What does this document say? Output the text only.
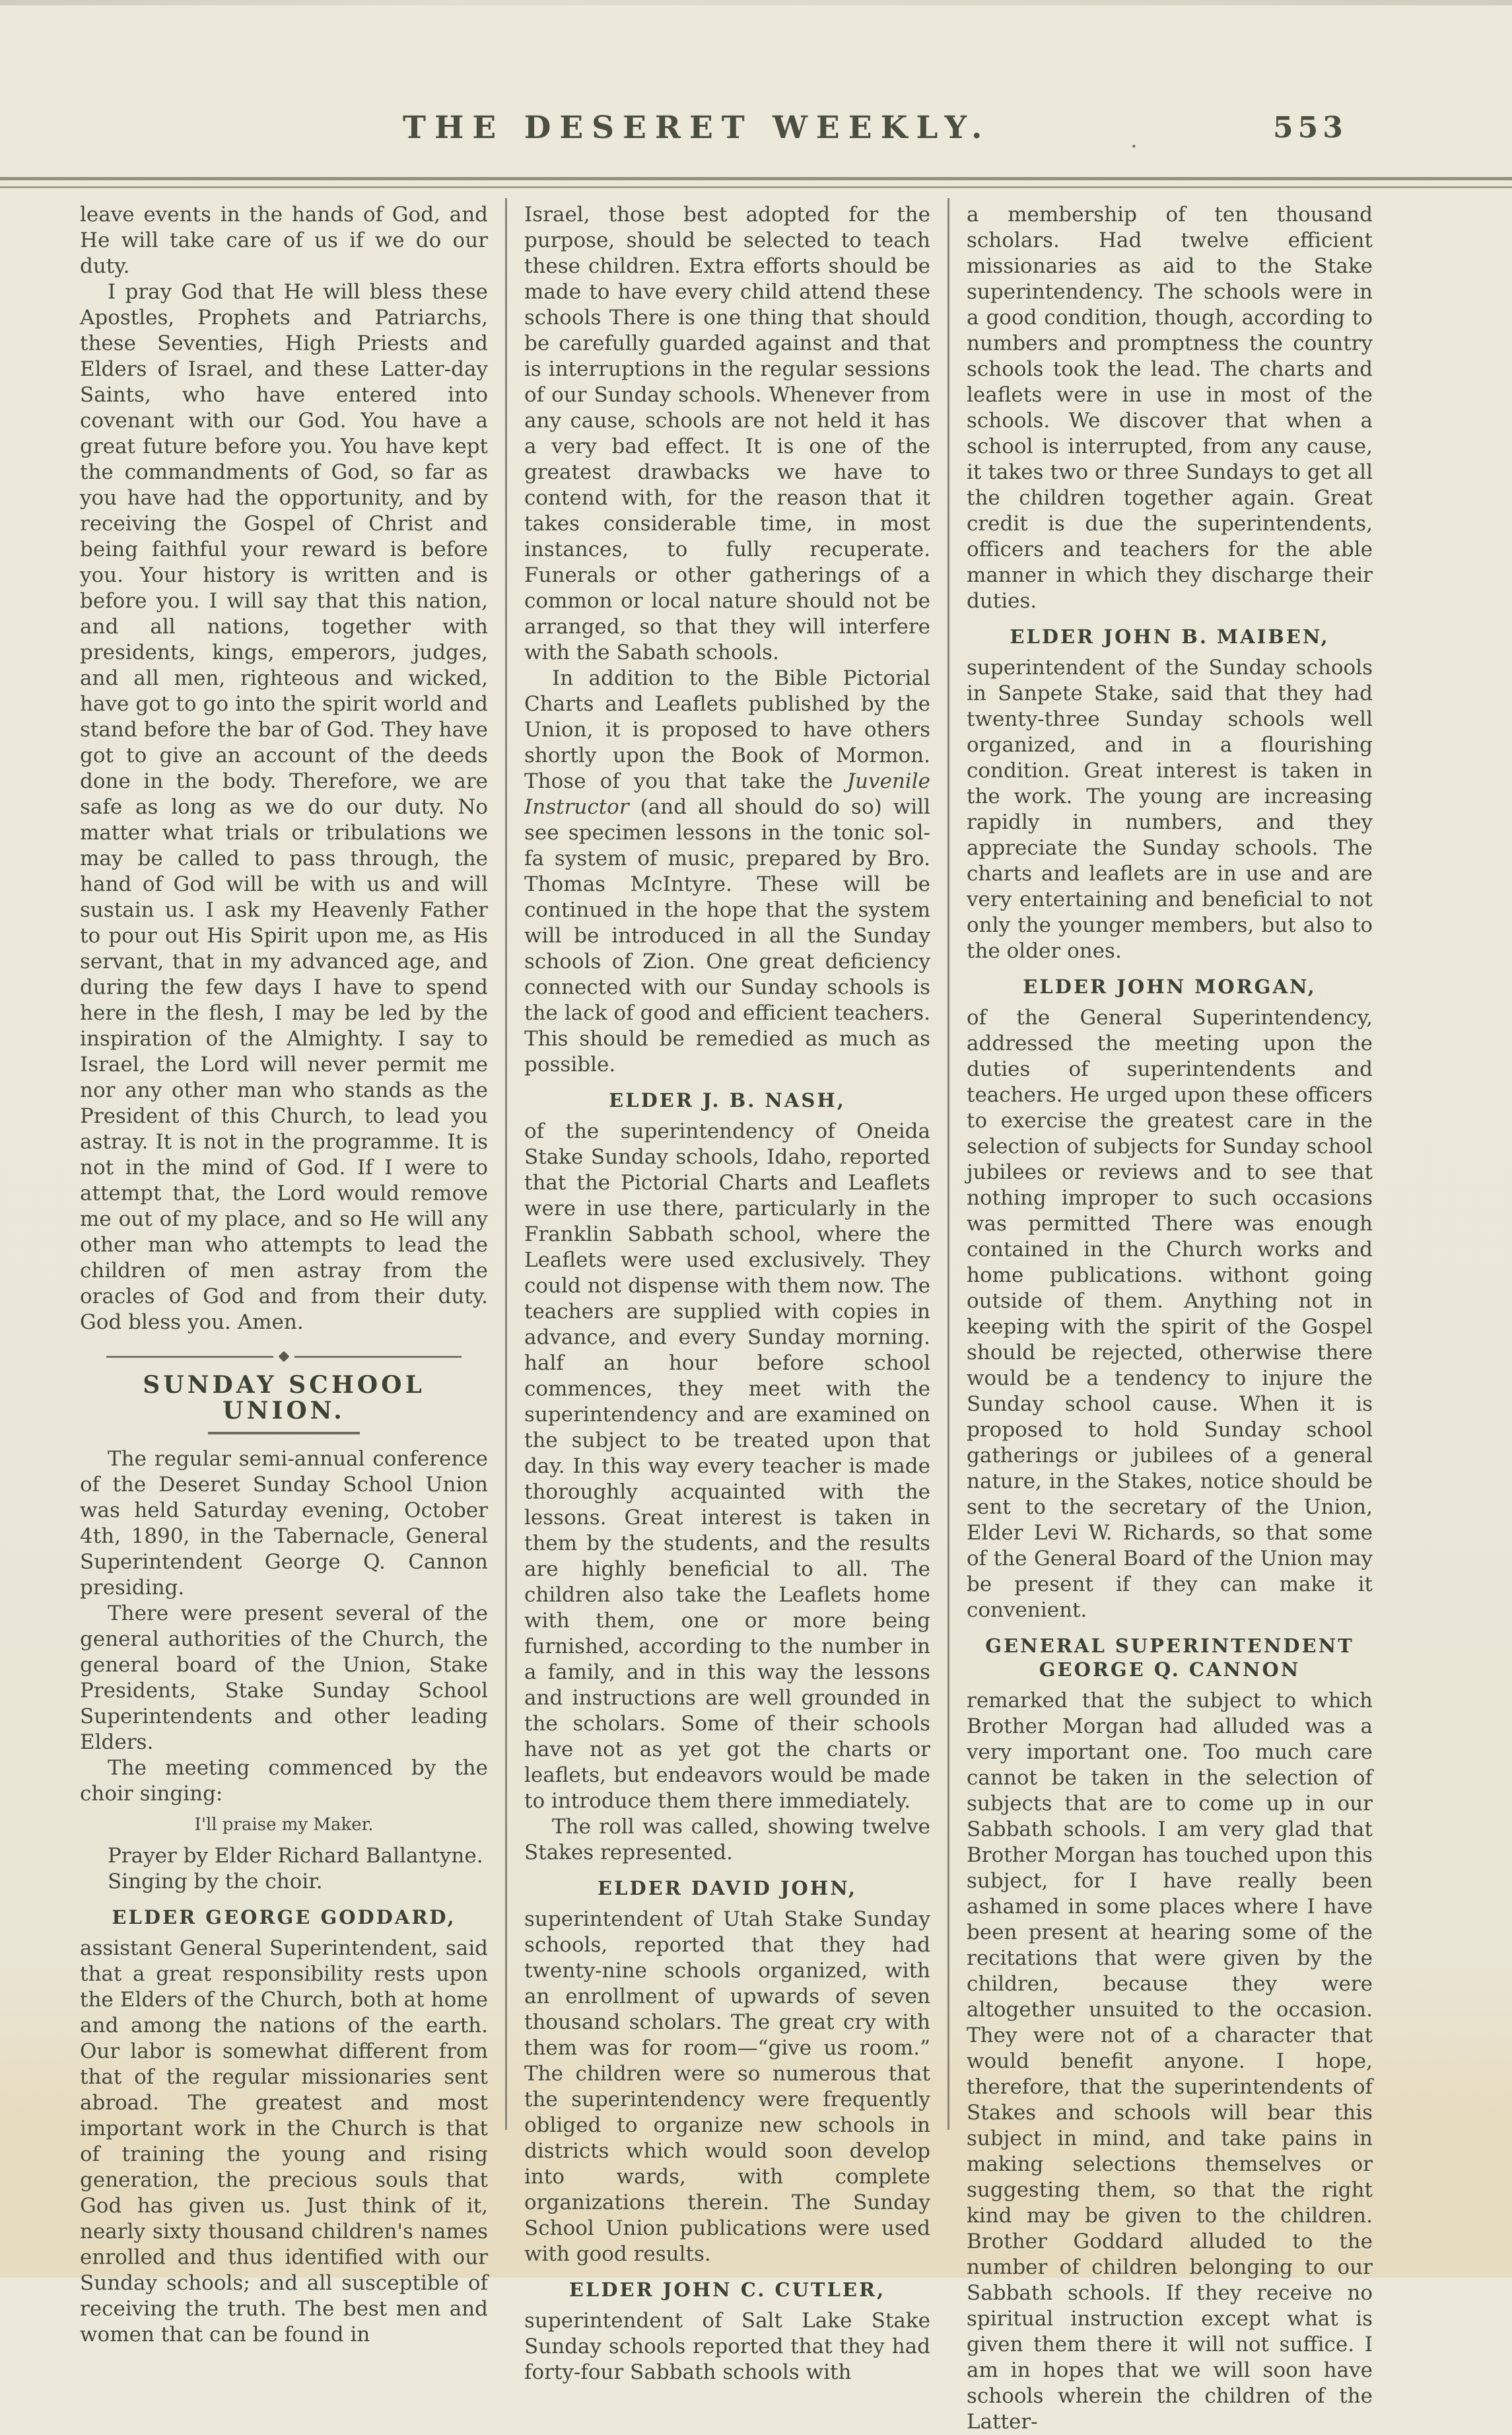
THE DESERET WEEKLY.	.	553

leave events in the hands of God, and He will take care of us if we do our duty.

I pray God that He will bless these Apostles, Prophets and Patriarchs, these Seventies, High Priests and Elders of Israel, and these Latter-day Saints, who have entered into covenant with our God. You have a great future before you. You have kept the commandments of God, so far as you have had the opportunity, and by receiving the Gospel of Christ and being faithful your reward is before you. Your history is written and is before you. I will say that this nation, and all nations, together with presidents, kings, emperors, judges, and all men, righteous and wicked, have got to go into the spirit world and stand before the bar of God. They have got to give an account of the deeds done in the body. Therefore, we are safe as long as we do our duty. No matter what trials or tribulations we may be called to pass through, the hand of God will be with us and will sustain us. I ask my Heavenly Father to pour out His Spirit upon me, as His servant, that in my advanced age, and during the few days I have to spend here in the flesh, I may be led by the inspiration of the Almighty. I say to Israel, the Lord will never permit me nor any other man who stands as the President of this Church, to lead you astray. It is not in the programme. It is not in the mind of God. If I were to attempt that, the Lord would remove me out of my place, and so He will any other man who attempts to lead the children of men astray from the oracles of God and from their duty. God bless you. Amen.

SUNDAY SCHOOL UNION.

The regular semi-annual conference of the Deseret Sunday School Union was held Saturday evening, October 4th, 1890, in the Tabernacle, General Superintendent George Q. Cannon presiding.

There were present several of the general authorities of the Church, the general board of the Union, Stake Presidents, Stake Sunday School Superintendents and other leading Elders.

The meeting commenced by the choir singing:

I'll praise my Maker.

Prayer by Elder Richard Ballantyne.

Singing by the choir.

ELDER GEORGE GODDARD,

assistant General Superintendent, said that a great responsibility rests upon the Elders of the Church, both at home and among the nations of the earth. Our labor is somewhat different from that of the regular missionaries sent abroad. The greatest and most important work in the Church is that of training the young and rising generation, the precious souls that God has given us. Just think of it, nearly sixty thousand children's names enrolled and thus identified with our Sunday schools; and all susceptible of receiving the truth. The best men and women that can be found in

Israel, those best adopted for the purpose, should be selected to teach these children. Extra efforts should be made to have every child attend these schools There is one thing that should be carefully guarded against and that is interruptions in the regular sessions of our Sunday schools. Whenever from any cause, schools are not held it has a very bad effect. It is one of the greatest drawbacks we have to contend with, for the reason that it takes considerable time, in most instances, to fully recuperate. Funerals or other gatherings of a common or local nature should not be arranged, so that they will interfere with the Sabath schools.

In addition to the Bible Pictorial Charts and Leaflets published by the Union, it is proposed to have others shortly upon the Book of Mormon. Those of you that take the Juvenile Instructor (and all should do so) will see specimen lessons in the tonic sol-fa system of music, prepared by Bro. Thomas McIntyre. These will be continued in the hope that the system will be introduced in all the Sunday schools of Zion. One great deficiency connected with our Sunday schools is the lack of good and efficient teachers. This should be remedied as much as possible.

ELDER J. B. NASH,

of the superintendency of Oneida Stake Sunday schools, Idaho, reported that the Pictorial Charts and Leaflets were in use there, particularly in the Franklin Sabbath school, where the Leaflets were used exclusively. They could not dispense with them now. The teachers are supplied with copies in advance, and every Sunday morning. half an hour before school commences, they meet with the superintendency and are examined on the subject to be treated upon that day. In this way every teacher is made thoroughly acquainted with the lessons. Great interest is taken in them by the students, and the results are highly beneficial to all. The children also take the Leaflets home with them, one or more being furnished, according to the number in a family, and in this way the lessons and instructions are well grounded in the scholars. Some of their schools have not as yet got the charts or leaflets, but endeavors would be made to introduce them there immediately.

The roll was called, showing twelve Stakes represented.

ELDER DAVID JOHN,

superintendent of Utah Stake Sunday schools, reported that they had twenty-nine schools organized, with an enrollment of upwards of seven thousand scholars. The great cry with them was for room—“give us room.” The children were so numerous that the superintendency were frequently obliged to organize new schools in districts which would soon develop into wards, with complete organizations therein. The Sunday School Union publications were used with good results.

ELDER JOHN C. CUTLER,

superintendent of Salt Lake Stake Sunday schools reported that they had forty-four Sabbath schools with

a membership of ten thousand scholars. Had twelve efficient missionaries as aid to the Stake superintendency. The schools were in a good condition, though, according to numbers and promptness the country schools took the lead. The charts and leaflets were in use in most of the schools. We discover that when a school is interrupted, from any cause, it takes two or three Sundays to get all the children together again. Great credit is due the superintendents, officers and teachers for the able manner in which they discharge their duties.

ELDER JOHN B. MAIBEN,

superintendent of the Sunday schools in Sanpete Stake, said that they had twenty-three Sunday schools well organized, and in a flourishing condition. Great interest is taken in the work. The young are increasing rapidly in numbers, and they appreciate the Sunday schools. The charts and leaflets are in use and are very entertaining and beneficial to not only the younger members, but also to the older ones.

ELDER JOHN MORGAN,

of the General Superintendency, addressed the meeting upon the duties of superintendents and teachers. He urged upon these officers to exercise the greatest care in the selection of subjects for Sunday school jubilees or reviews and to see that nothing improper to such occasions was permitted There was enough contained in the Church works and home publications. withont going outside of them. Anything not in keeping with the spirit of the Gospel should be rejected, otherwise there would be a tendency to injure the Sunday school cause. When it is proposed to hold Sunday school gatherings or jubilees of a general nature, in the Stakes, notice should be sent to the secretary of the Union, Elder Levi W. Richards, so that some of the General Board of the Union may be present if they can make it convenient.

GENERAL SUPERINTENDENT GEORGE Q. CANNON

remarked that the subject to which Brother Morgan had alluded was a very important one. Too much care cannot be taken in the selection of subjects that are to come up in our Sabbath schools. I am very glad that Brother Morgan has touched upon this subject, for I have really been ashamed in some places where I have been present at hearing some of the recitations that were given by the children, because they were altogether unsuited to the occasion. They were not of a character that would benefit anyone. I hope, therefore, that the superintendents of Stakes and schools will bear this subject in mind, and take pains in making selections themselves or suggesting them, so that the right kind may be given to the children. Brother Goddard alluded to the number of children belonging to our Sabbath schools. If they receive no spiritual instruction except what is given them there it will not suffice. I am in hopes that we will soon have schools wherein the children of the Latter-
